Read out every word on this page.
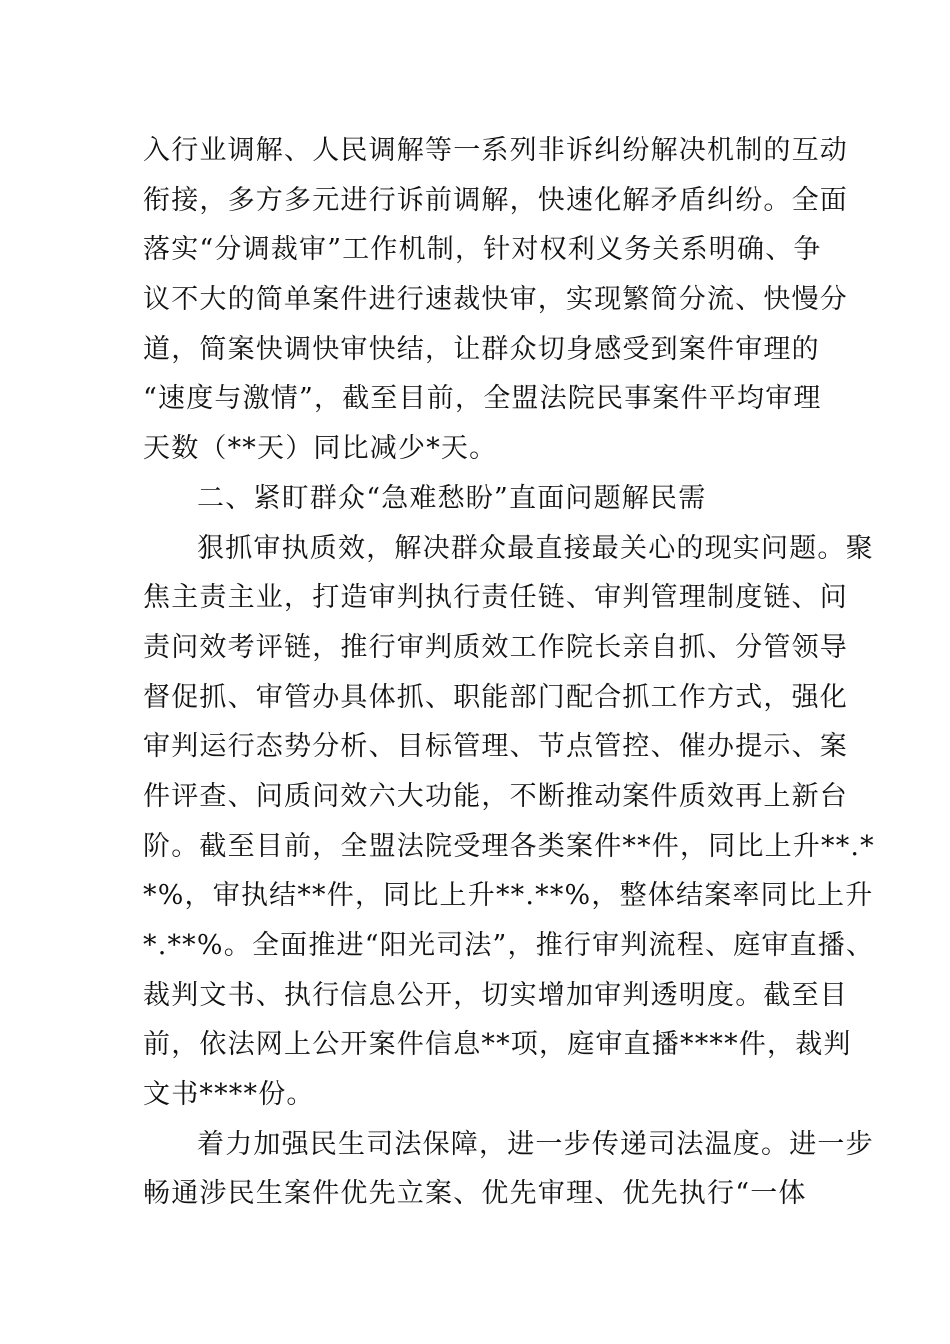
入行业调解、人民调解等一系列非诉纠纷解决机制的互动
衔接，多方多元进行诉前调解，快速化解矛盾纠纷。全面
落实“分调裁审”工作机制，针对权利义务关系明确、争
议不大的简单案件进行速裁快审，实现繁简分流、快慢分
道，简案快调快审快结，让群众切身感受到案件审理的
“速度与激情”，截至目前，全盟法院民事案件平均审理
天数（**天）同比减少*天。
二、紧盯群众“急难愁盼”直面问题解民需
狠抓审执质效，解决群众最直接最关心的现实问题。聚
焦主责主业，打造审判执行责任链、审判管理制度链、问
责问效考评链，推行审判质效工作院长亲自抓、分管领导
督促抓、审管办具体抓、职能部门配合抓工作方式，强化
审判运行态势分析、目标管理、节点管控、催办提示、案
件评查、问质问效六大功能，不断推动案件质效再上新台
阶。截至目前，全盟法院受理各类案件**件，同比上升**.*
*%，审执结**件，同比上升**.**%，整体结案率同比上升
*.**%。全面推进“阳光司法”，推行审判流程、庭审直播、
裁判文书、执行信息公开，切实增加审判透明度。截至目
前，依法网上公开案件信息**项，庭审直播****件，裁判
文书****份。
着力加强民生司法保障，进一步传递司法温度。进一步
畅通涉民生案件优先立案、优先审理、优先执行“一体
